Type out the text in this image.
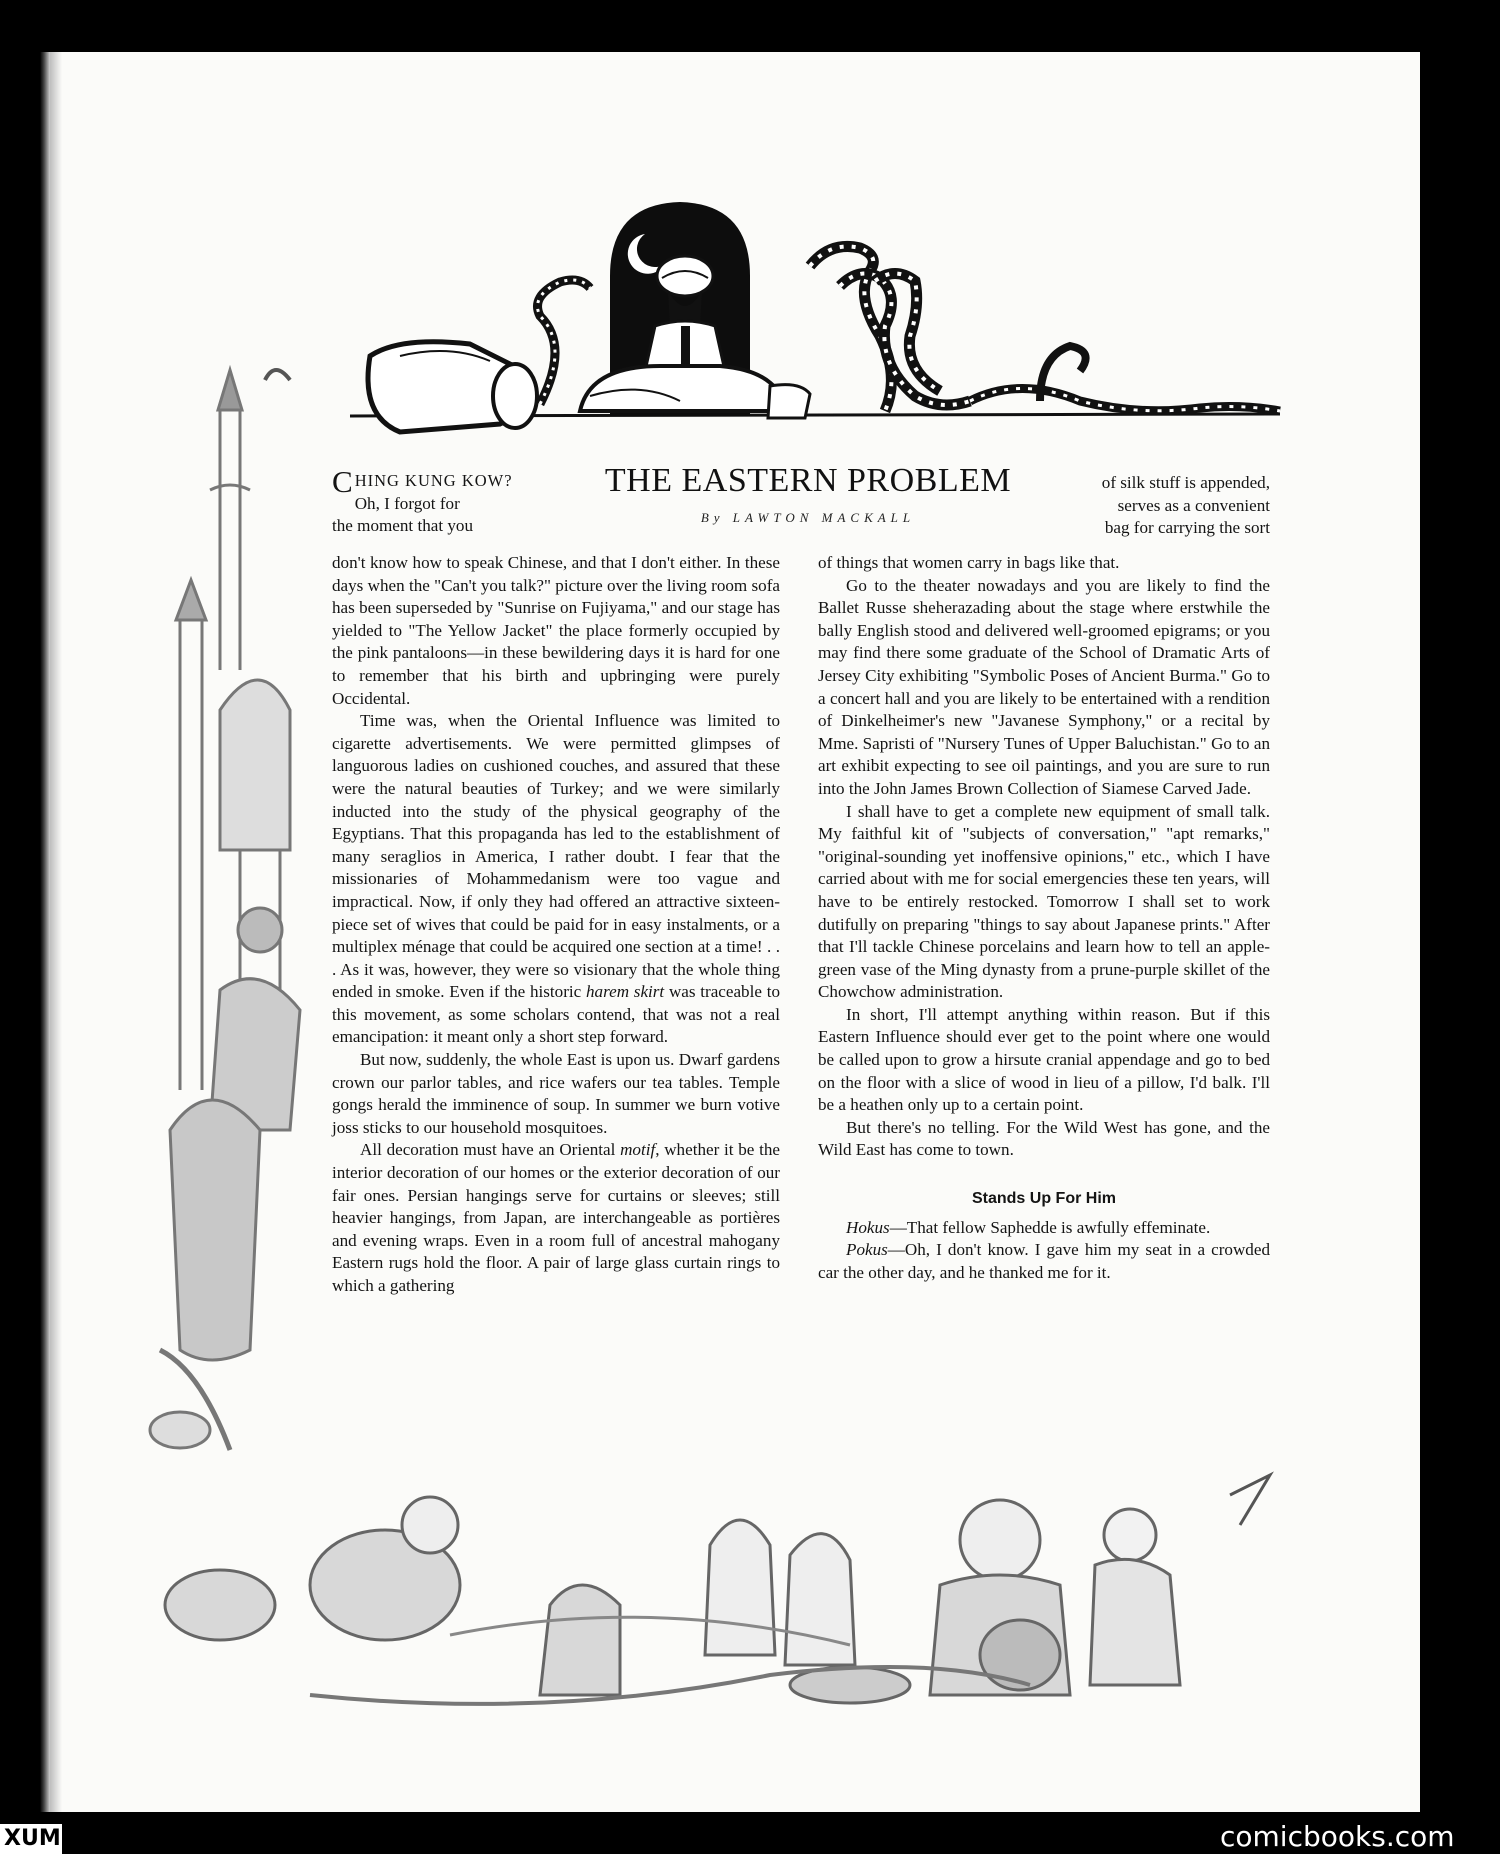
THE EASTERN PROBLEM
By LAWTON MACKALL
CHING KUNG KOW?
Oh, I forgot for
the moment that you
of silk stuff is appended,
serves as a convenient
bag for carrying the sort

don't know how to speak Chinese, and that I don't either. In these days when the "Can't you talk?" picture over the living room sofa has been superseded by "Sunrise on Fujiyama," and our stage has yielded to "The Yellow Jacket" the place formerly occupied by the pink pantaloons—in these bewildering days it is hard for one to remember that his birth and upbringing were purely Occidental.

Time was, when the Oriental Influence was limited to cigarette advertisements. We were permitted glimpses of languorous ladies on cushioned couches, and assured that these were the natural beauties of Turkey; and we were similarly inducted into the study of the physical geography of the Egyptians. That this propaganda has led to the establishment of many seraglios in America, I rather doubt. I fear that the missionaries of Mohammedanism were too vague and impractical. Now, if only they had offered an attractive sixteen-piece set of wives that could be paid for in easy instalments, or a multiplex ménage that could be acquired one section at a time! . . . As it was, however, they were so visionary that the whole thing ended in smoke. Even if the historic harem skirt was traceable to this movement, as some scholars contend, that was not a real emancipation: it meant only a short step forward.

But now, suddenly, the whole East is upon us. Dwarf gardens crown our parlor tables, and rice wafers our tea tables. Temple gongs herald the imminence of soup. In summer we burn votive joss sticks to our household mosquitoes.

All decoration must have an Oriental motif, whether it be the interior decoration of our homes or the exterior decoration of our fair ones. Persian hangings serve for curtains or sleeves; still heavier hangings, from Japan, are interchangeable as portières and evening wraps. Even in a room full of ancestral mahogany Eastern rugs hold the floor. A pair of large glass curtain rings to which a gathering

of things that women carry in bags like that.

Go to the theater nowadays and you are likely to find the Ballet Russe sheherazading about the stage where erstwhile the bally English stood and delivered well-groomed epigrams; or you may find there some graduate of the School of Dramatic Arts of Jersey City exhibiting "Symbolic Poses of Ancient Burma." Go to a concert hall and you are likely to be entertained with a rendition of Dinkelheimer's new "Javanese Symphony," or a recital by Mme. Sapristi of "Nursery Tunes of Upper Baluchistan." Go to an art exhibit expecting to see oil paintings, and you are sure to run into the John James Brown Collection of Siamese Carved Jade.

I shall have to get a complete new equipment of small talk. My faithful kit of "subjects of conversation," "apt remarks," "original-sounding yet inoffensive opinions," etc., which I have carried about with me for social emergencies these ten years, will have to be entirely restocked. Tomorrow I shall set to work dutifully on preparing "things to say about Japanese prints." After that I'll tackle Chinese porcelains and learn how to tell an apple-green vase of the Ming dynasty from a prune-purple skillet of the Chowchow administration.

In short, I'll attempt anything within reason. But if this Eastern Influence should ever get to the point where one would be called upon to grow a hirsute cranial appendage and go to bed on the floor with a slice of wood in lieu of a pillow, I'd balk. I'll be a heathen only up to a certain point.

But there's no telling. For the Wild West has gone, and the Wild East has come to town.

Stands Up For Him

Hokus—That fellow Saphedde is awfully effeminate.

Pokus—Oh, I don't know. I gave him my seat in a crowded car the other day, and he thanked me for it.

comicbooks.com
XUM
